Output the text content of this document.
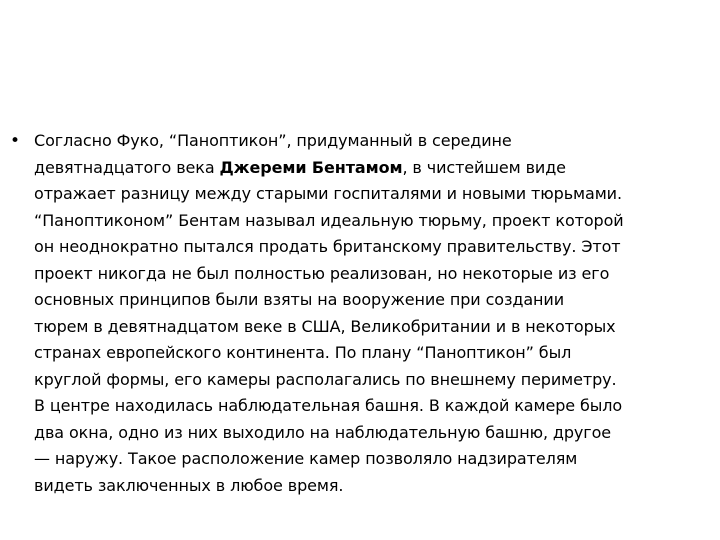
• Согласно Фуко, “Паноптикон”, придуманный в середине
девятнадцатого века Джереми Бентамом, в чистейшем виде
отражает разницу между старыми госпиталями и новыми тюрьмами.
“Паноптиконом” Бентам называл идеальную тюрьму, проект которой
он неоднократно пытался продать британскому правительству. Этот
проект никогда не был полностью реализован, но некоторые из его
основных принципов были взяты на вооружение при создании
тюрем в девятнадцатом веке в США, Великобритании и в некоторых
странах европейского континента. По плану “Паноптикон” был
круглой формы, его камеры располагались по внешнему периметру.
В центре находилась наблюдательная башня. В каждой камере было
два окна, одно из них выходило на наблюдательную башню, другое
— наружу. Такое расположение камер позволяло надзирателям
видеть заключенных в любое время.
